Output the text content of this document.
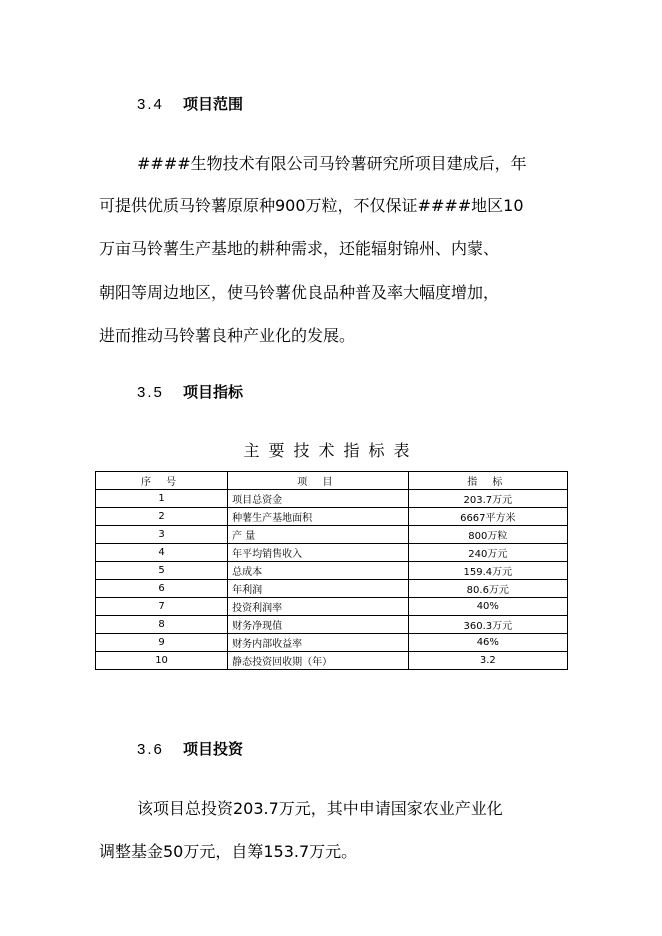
3.4 项目范围
####生物技术有限公司马铃薯研究所项目建成后，年
可提供优质马铃薯原原种900万粒，不仅保证####地区10
万亩马铃薯生产基地的耕种需求，还能辐射锦州、内蒙、
朝阳等周边地区，使马铃薯优良品种普及率大幅度增加，
进而推动马铃薯良种产业化的发展。
3.5 项目指标
主要技术指标表
序 号	项 目	指 标
1	项目总资金	203.7万元
2	种薯生产基地面积	6667平方米
3	产 量	800万粒
4	年平均销售收入	240万元
5	总成本	159.4万元
6	年利润	80.6万元
7	投资利润率	40%
8	财务净现值	360.3万元
9	财务内部收益率	46%
10	静态投资回收期（年）	3.2
3.6 项目投资
该项目总投资203.7万元，其中申请国家农业产业化
调整基金50万元，自筹153.7万元。
